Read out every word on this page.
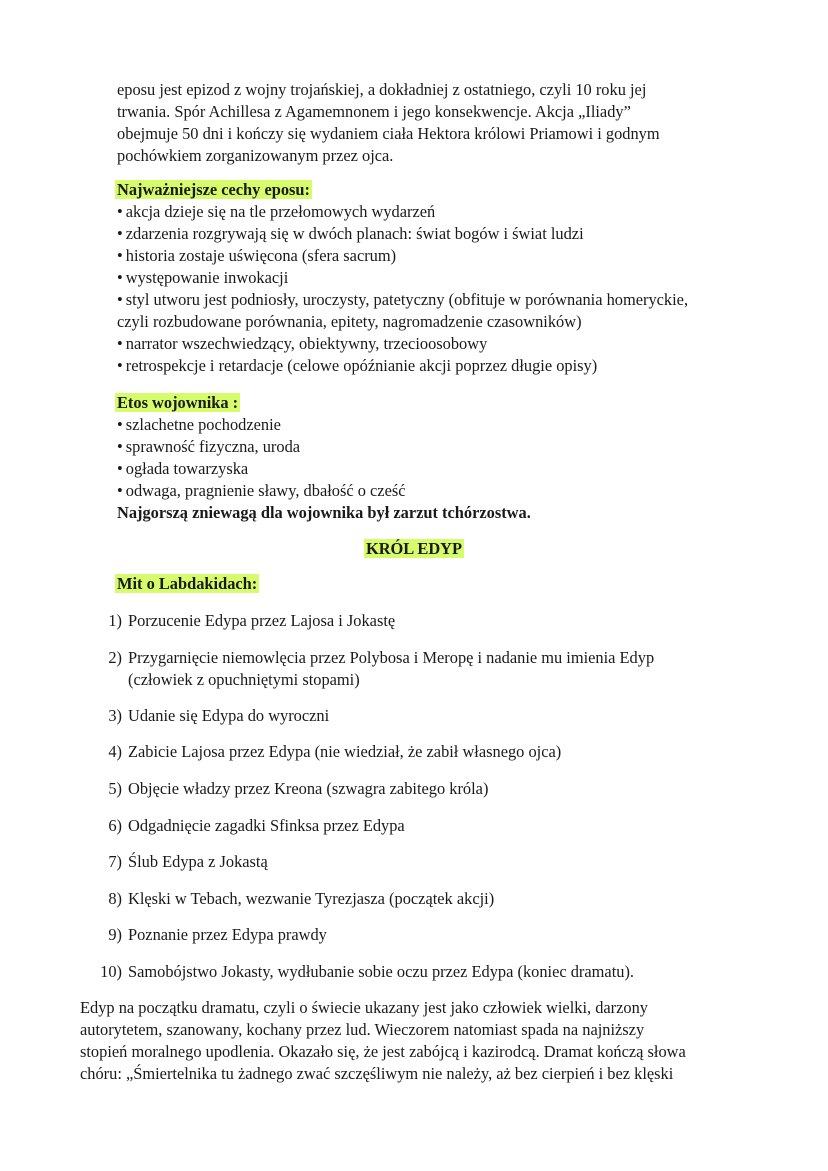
eposu jest epizod z wojny trojańskiej, a dokładniej z ostatniego, czyli 10 roku jej
trwania. Spór Achillesa z Agamemnonem i jego konsekwencje. Akcja „Iliady”
obejmuje 50 dni i kończy się wydaniem ciała Hektora królowi Priamowi i godnym
pochówkiem zorganizowanym przez ojca.
Najważniejsze cechy eposu:
• akcja dzieje się na tle przełomowych wydarzeń
• zdarzenia rozgrywają się w dwóch planach: świat bogów i świat ludzi
• historia zostaje uświęcona (sfera sacrum)
• występowanie inwokacji
• styl utworu jest podniosły, uroczysty, patetyczny (obfituje w porównania homeryckie,
czyli rozbudowane porównania, epitety, nagromadzenie czasowników)
• narrator wszechwiedzący, obiektywny, trzecioosobowy
• retrospekcje i retardacje (celowe opóźnianie akcji poprzez długie opisy)
Etos wojownika :
• szlachetne pochodzenie
• sprawność fizyczna, uroda
• ogłada towarzyska
• odwaga, pragnienie sławy, dbałość o cześć
Najgorszą zniewagą dla wojownika był zarzut tchórzostwa.
KRÓL EDYP
Mit o Labdakidach:
1) Porzucenie Edypa przez Lajosa i Jokastę
2) Przygarnięcie niemowlęcia przez Polybosa i Meropę i nadanie mu imienia Edyp
(człowiek z opuchniętymi stopami)
3) Udanie się Edypa do wyroczni
4) Zabicie Lajosa przez Edypa (nie wiedział, że zabił własnego ojca)
5) Objęcie władzy przez Kreona (szwagra zabitego króla)
6) Odgadnięcie zagadki Sfinksa przez Edypa
7) Ślub Edypa z Jokastą
8) Klęski w Tebach, wezwanie Tyrezjasza (początek akcji)
9) Poznanie przez Edypa prawdy
10) Samobójstwo Jokasty, wydłubanie sobie oczu przez Edypa (koniec dramatu).
Edyp na początku dramatu, czyli o świecie ukazany jest jako człowiek wielki, darzony
autorytetem, szanowany, kochany przez lud. Wieczorem natomiast spada na najniższy
stopień moralnego upodlenia. Okazało się, że jest zabójcą i kazirodcą. Dramat kończą słowa
chóru: „Śmiertelnika tu żadnego zwać szczęśliwym nie należy, aż bez cierpień i bez klęski
